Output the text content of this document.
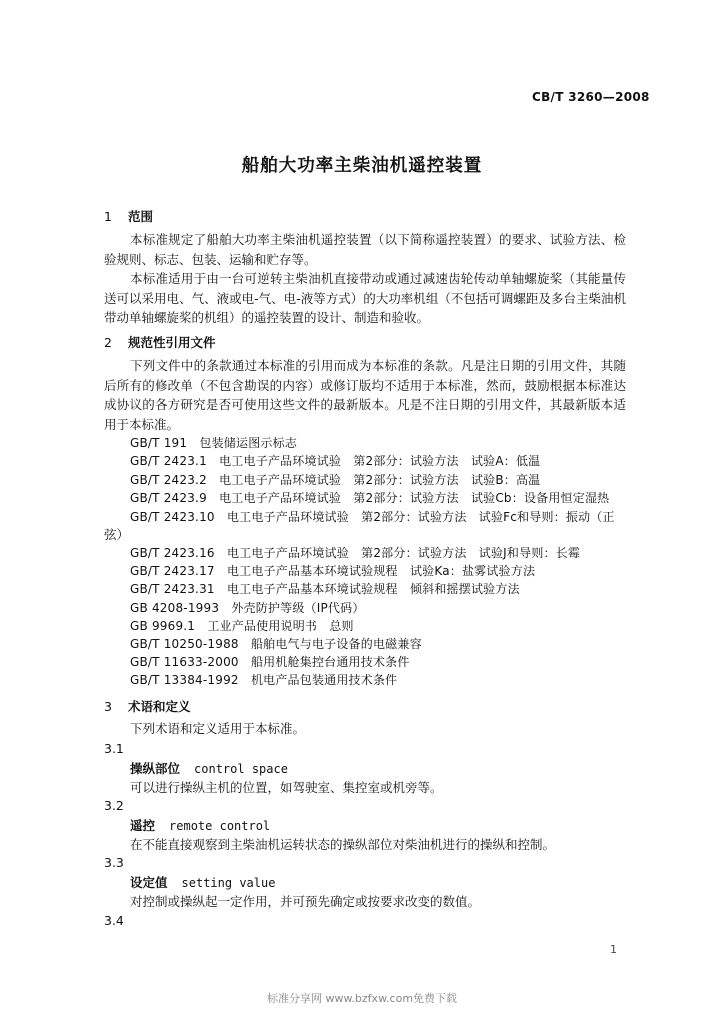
CB/T 3260—2008
船舶大功率主柴油机遥控装置
1 范围
本标准规定了船舶大功率主柴油机遥控装置（以下简称遥控装置）的要求、试验方法、检验规则、标志、包装、运输和贮存等。
本标准适用于由一台可逆转主柴油机直接带动或通过减速齿轮传动单轴螺旋桨（其能量传送可以采用电、气、液或电-气、电-液等方式）的大功率机组（不包括可调螺距及多台主柴油机带动单轴螺旋桨的机组）的遥控装置的设计、制造和验收。
2 规范性引用文件
下列文件中的条款通过本标准的引用而成为本标准的条款。凡是注日期的引用文件，其随后所有的修改单（不包含勘误的内容）或修订版均不适用于本标准，然而，鼓励根据本标准达成协议的各方研究是否可使用这些文件的最新版本。凡是不注日期的引用文件，其最新版本适用于本标准。
GB/T 191　包装储运图示标志
GB/T 2423.1　电工电子产品环境试验　第2部分：试验方法　试验A：低温
GB/T 2423.2　电工电子产品环境试验　第2部分：试验方法　试验B：高温
GB/T 2423.9　电工电子产品环境试验　第2部分：试验方法　试验Cb：设备用恒定湿热
GB/T 2423.10　电工电子产品环境试验　第2部分：试验方法　试验Fc和导则：振动（正
弦）
GB/T 2423.16　电工电子产品环境试验　第2部分：试验方法　试验J和导则：长霉
GB/T 2423.17　电工电子产品基本环境试验规程　试验Ka：盐雾试验方法
GB/T 2423.31　电工电子产品基本环境试验规程　倾斜和摇摆试验方法
GB 4208-1993　外壳防护等级（IP代码）
GB 9969.1　工业产品使用说明书　总则
GB/T 10250-1988　船舶电气与电子设备的电磁兼容
GB/T 11633-2000　船用机舱集控台通用技术条件
GB/T 13384-1992　机电产品包装通用技术条件
3 术语和定义
下列术语和定义适用于本标准。
3.1
操纵部位 control space
可以进行操纵主机的位置，如驾驶室、集控室或机旁等。
3.2
遥控 remote control
在不能直接观察到主柴油机运转状态的操纵部位对柴油机进行的操纵和控制。
3.3
设定值 setting value
对控制或操纵起一定作用，并可预先确定或按要求改变的数值。
3.4
1
标准分享网 www.bzfxw.com免费下载
